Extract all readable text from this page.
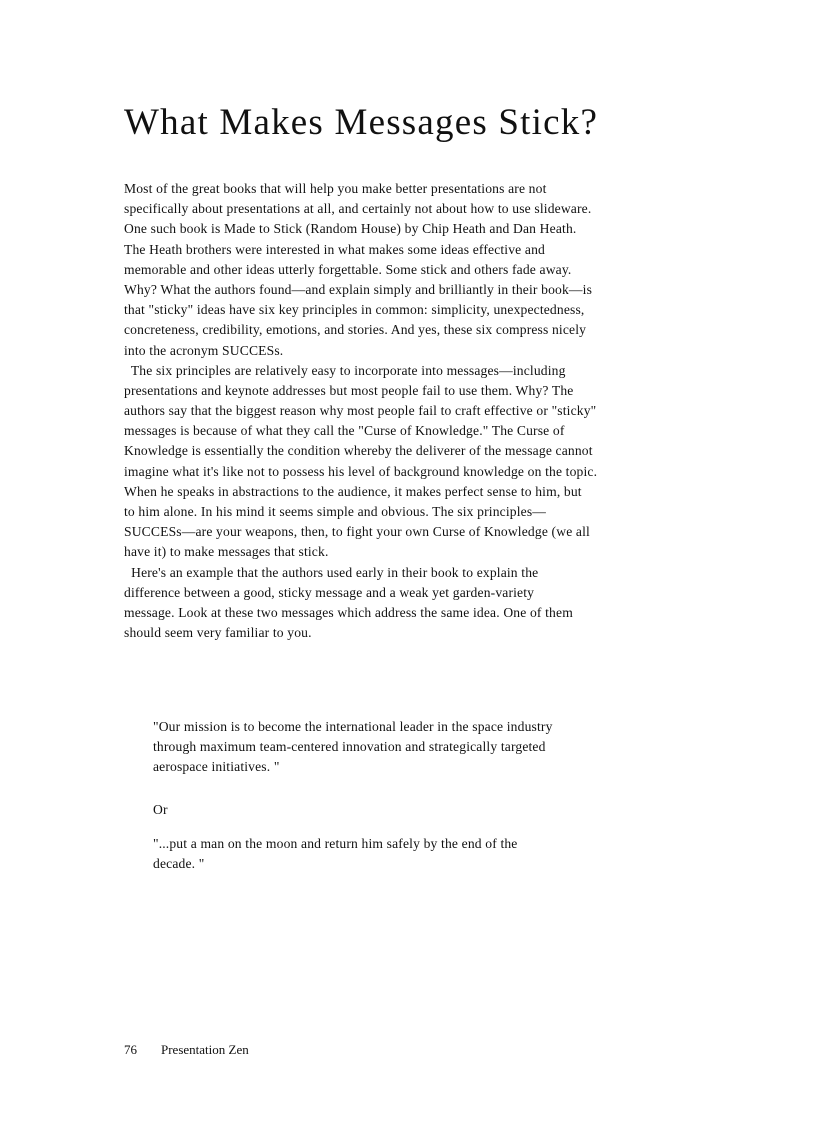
What Makes Messages Stick?
Most of the great books that will help you make better presentations are not
specifically about presentations at all, and certainly not about how to use slideware.
One such book is Made to Stick (Random House) by Chip Heath and Dan Heath.
The Heath brothers were interested in what makes some ideas effective and
memorable and other ideas utterly forgettable. Some stick and others fade away.
Why? What the authors found—and explain simply and brilliantly in their book—is
that "sticky" ideas have six key principles in common: simplicity, unexpectedness,
concreteness, credibility, emotions, and stories. And yes, these six compress nicely
into the acronym SUCCESs.
The six principles are relatively easy to incorporate into messages—including
presentations and keynote addresses but most people fail to use them. Why? The
authors say that the biggest reason why most people fail to craft effective or "sticky"
messages is because of what they call the "Curse of Knowledge." The Curse of
Knowledge is essentially the condition whereby the deliverer of the message cannot
imagine what it's like not to possess his level of background knowledge on the topic.
When he speaks in abstractions to the audience, it makes perfect sense to him, but
to him alone. In his mind it seems simple and obvious. The six principles—
SUCCESs—are your weapons, then, to fight your own Curse of Knowledge (we all
have it) to make messages that stick.
Here's an example that the authors used early in their book to explain the
difference between a good, sticky message and a weak yet garden-variety
message. Look at these two messages which address the same idea. One of them
should seem very familiar to you.
"Our mission is to become the international leader in the space industry
through maximum team-centered innovation and strategically targeted
aerospace initiatives. "
Or
"...put a man on the moon and return him safely by the end of the
decade. "
76 Presentation Zen
